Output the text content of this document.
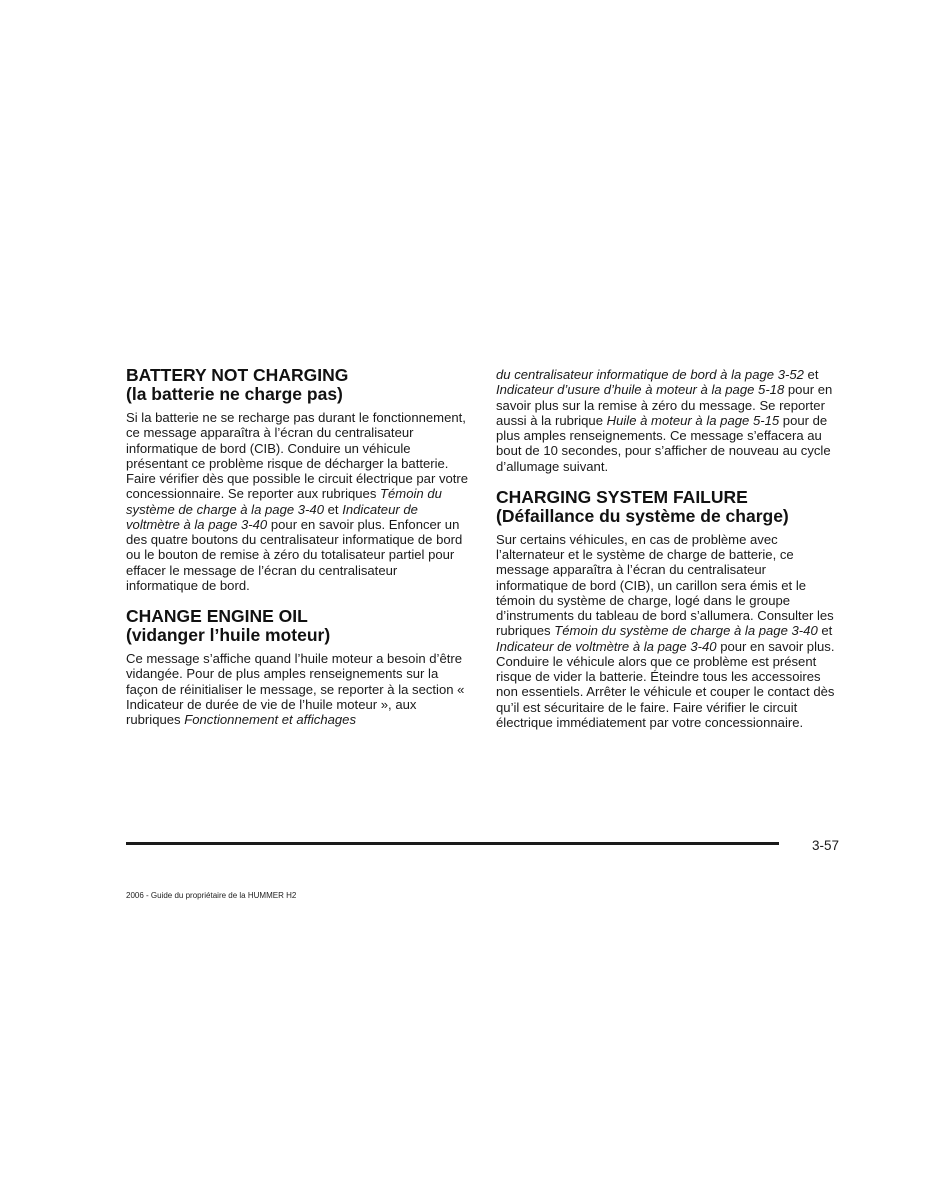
BATTERY NOT CHARGING
(la batterie ne charge pas)

Si la batterie ne se recharge pas durant le fonctionnement, ce message apparaîtra à l’écran du centralisateur informatique de bord (CIB). Conduire un véhicule présentant ce problème risque de décharger la batterie. Faire vérifier dès que possible le circuit électrique par votre concessionnaire. Se reporter aux rubriques Témoin du système de charge à la page 3-40 et Indicateur de voltmètre à la page 3-40 pour en savoir plus. Enfoncer un des quatre boutons du centralisateur informatique de bord ou le bouton de remise à zéro du totalisateur partiel pour effacer le message de l’écran du centralisateur informatique de bord.

CHANGE ENGINE OIL
(vidanger l’huile moteur)

Ce message s’affiche quand l’huile moteur a besoin d’être vidangée. Pour de plus amples renseignements sur la façon de réinitialiser le message, se reporter à la section « Indicateur de durée de vie de l’huile moteur », aux rubriques Fonctionnement et affichages

du centralisateur informatique de bord à la page 3-52 et Indicateur d’usure d’huile à moteur à la page 5-18 pour en savoir plus sur la remise à zéro du message. Se reporter aussi à la rubrique Huile à moteur à la page 5-15 pour de plus amples renseignements. Ce message s’effacera au bout de 10 secondes, pour s’afficher de nouveau au cycle d’allumage suivant.

CHARGING SYSTEM FAILURE
(Défaillance du système de charge)

Sur certains véhicules, en cas de problème avec l’alternateur et le système de charge de batterie, ce message apparaîtra à l’écran du centralisateur informatique de bord (CIB), un carillon sera émis et le témoin du système de charge, logé dans le groupe d’instruments du tableau de bord s’allumera. Consulter les rubriques Témoin du système de charge à la page 3-40 et Indicateur de voltmètre à la page 3-40 pour en savoir plus. Conduire le véhicule alors que ce problème est présent risque de vider la batterie. Éteindre tous les accessoires non essentiels. Arrêter le véhicule et couper le contact dès qu’il est sécuritaire de le faire. Faire vérifier le circuit électrique immédiatement par votre concessionnaire.

3-57
2006 - Guide du propriétaire de la HUMMER H2
